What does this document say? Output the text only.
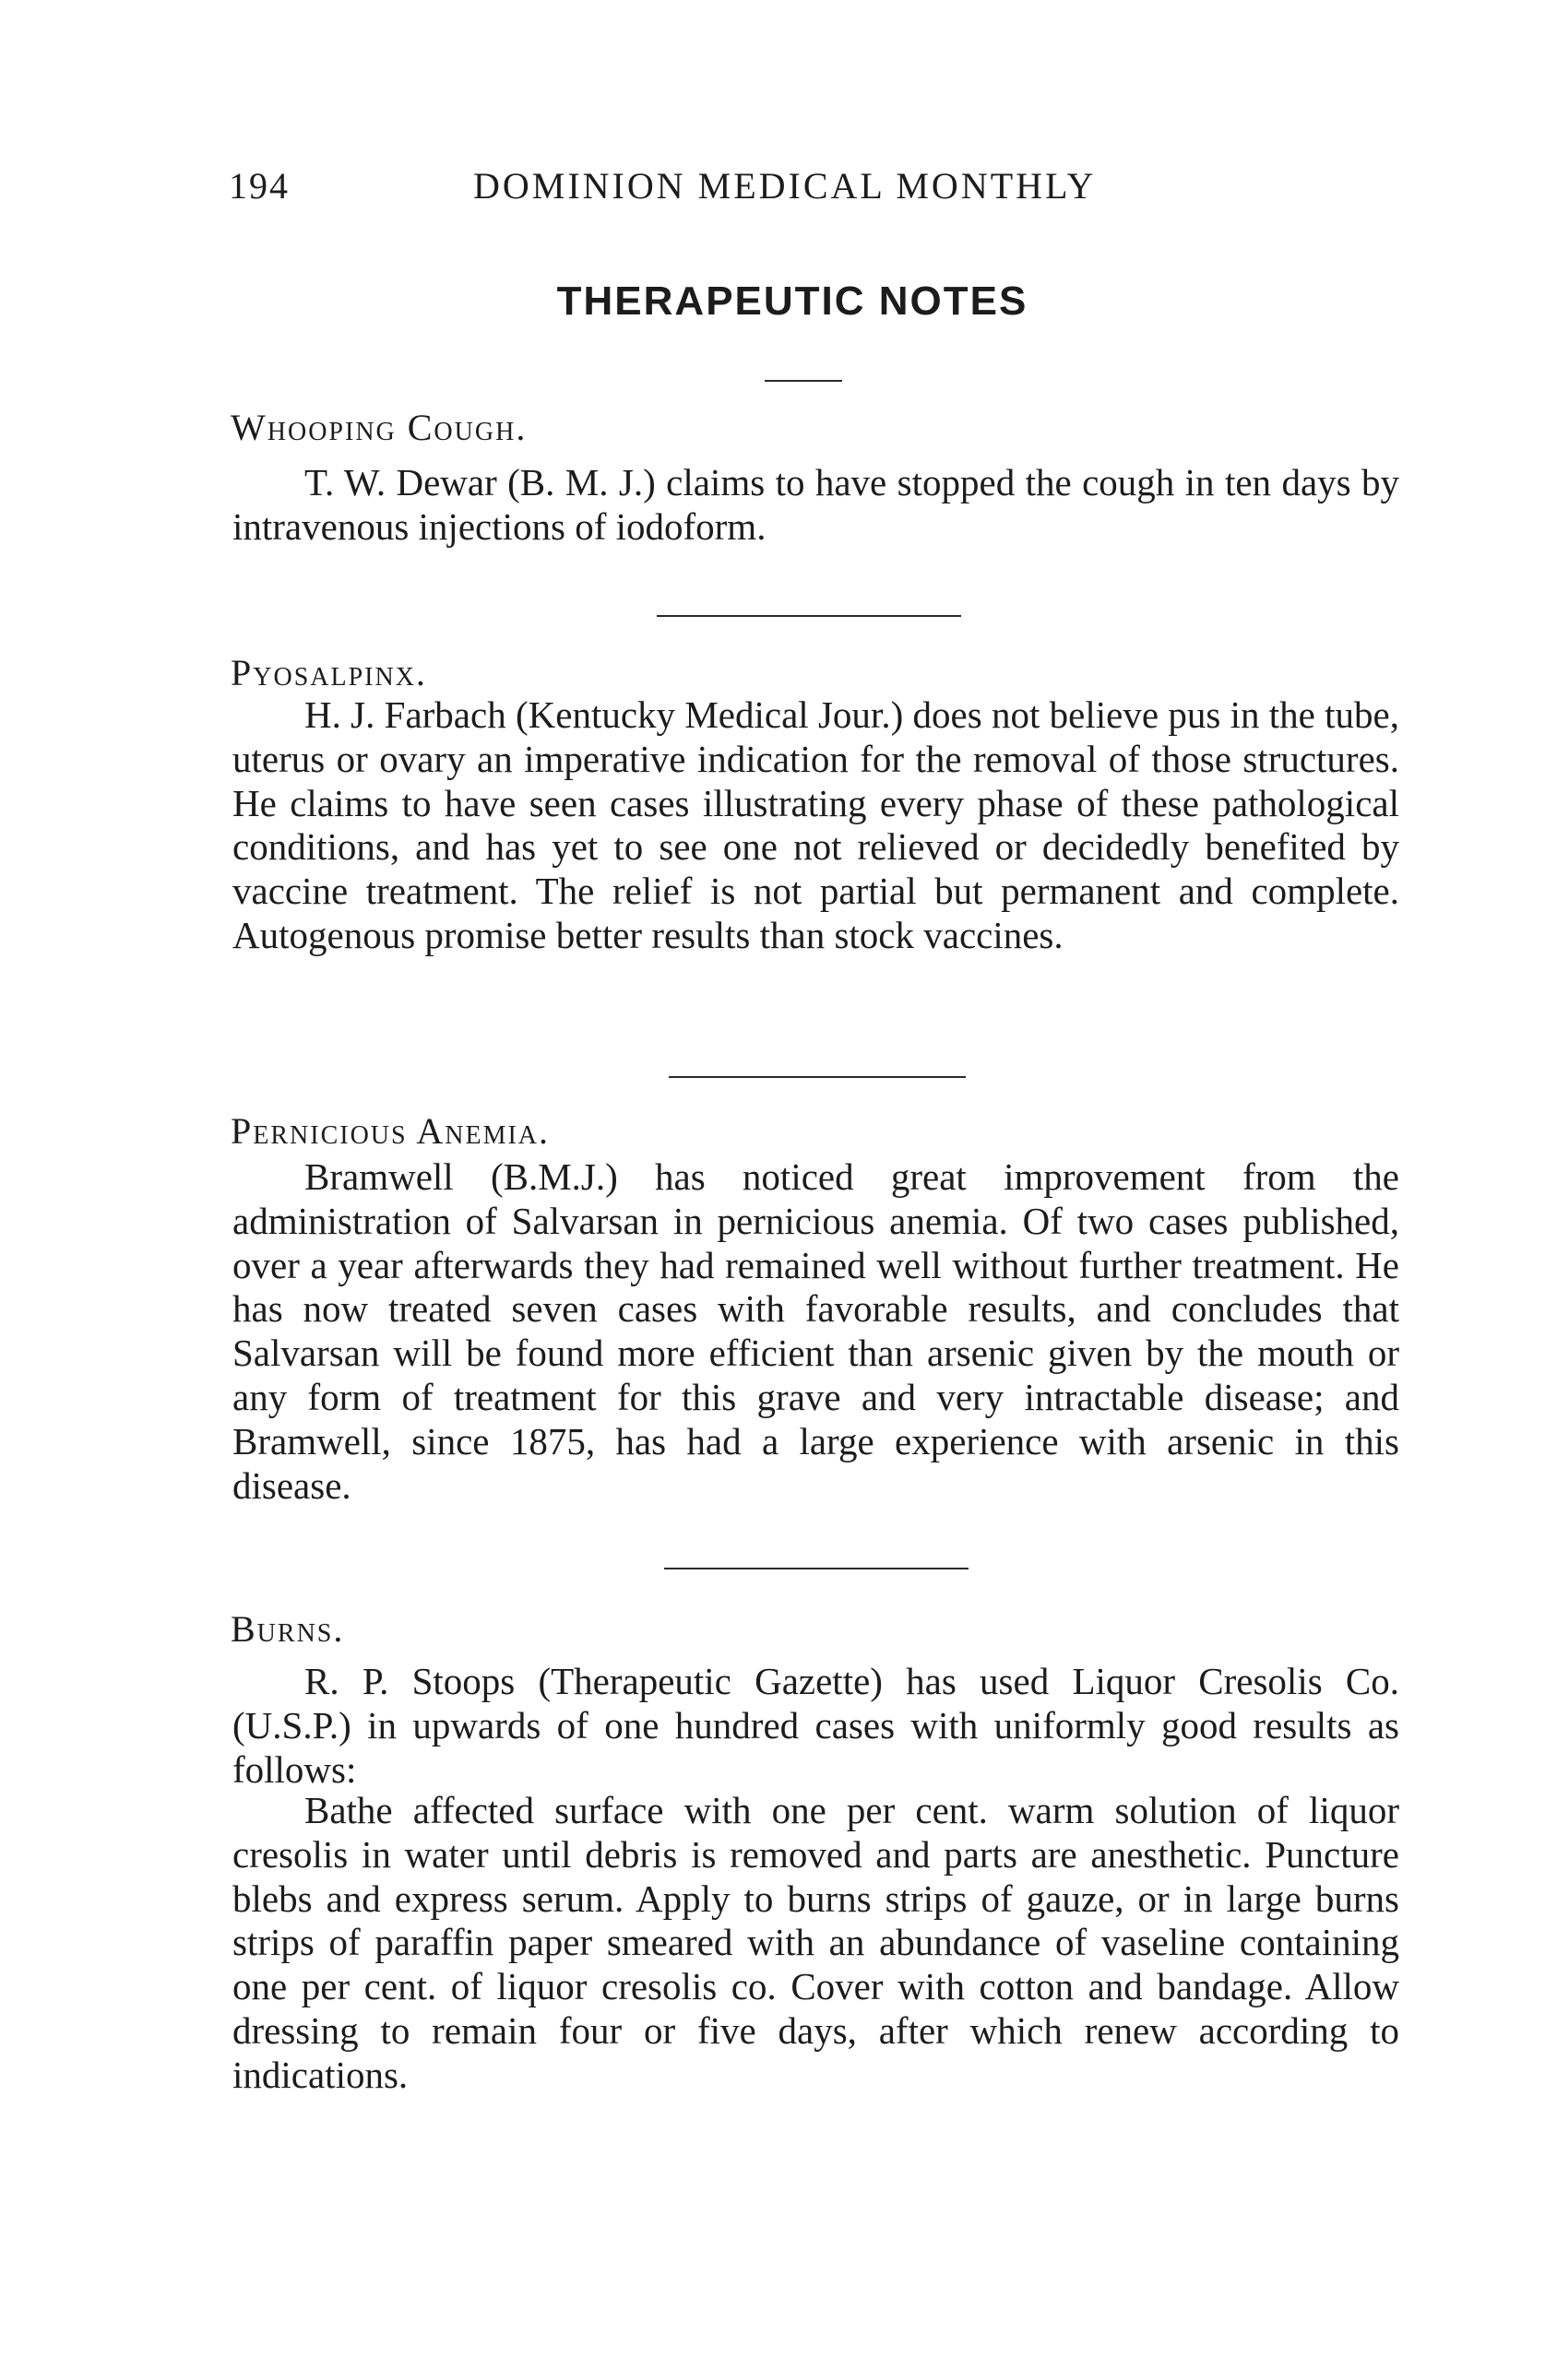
194	DOMINION MEDICAL MONTHLY
THERAPEUTIC NOTES
Whooping Cough.
T. W. Dewar (B. M. J.) claims to have stopped the cough in ten days by intravenous injections of iodoform.
Pyosalpinx.
H. J. Farbach (Kentucky Medical Jour.) does not believe pus in the tube, uterus or ovary an imperative indication for the removal of those structures. He claims to have seen cases illustrating every phase of these pathological conditions, and has yet to see one not relieved or decidedly benefited by vaccine treatment. The relief is not partial but permanent and complete. Autogenous promise better results than stock vaccines.
Pernicious Anemia.
Bramwell (B.M.J.) has noticed great improvement from the administration of Salvarsan in pernicious anemia. Of two cases published, over a year afterwards they had remained well without further treatment. He has now treated seven cases with favorable results, and concludes that Salvarsan will be found more efficient than arsenic given by the mouth or any form of treatment for this grave and very intractable disease; and Bramwell, since 1875, has had a large experience with arsenic in this disease.
Burns.
R. P. Stoops (Therapeutic Gazette) has used Liquor Cresolis Co. (U.S.P.) in upwards of one hundred cases with uniformly good results as follows:
Bathe affected surface with one per cent. warm solution of liquor cresolis in water until debris is removed and parts are anesthetic. Puncture blebs and express serum. Apply to burns strips of gauze, or in large burns strips of paraffin paper smeared with an abundance of vaseline containing one per cent. of liquor cresolis co. Cover with cotton and bandage. Allow dressing to remain four or five days, after which renew according to indications.
